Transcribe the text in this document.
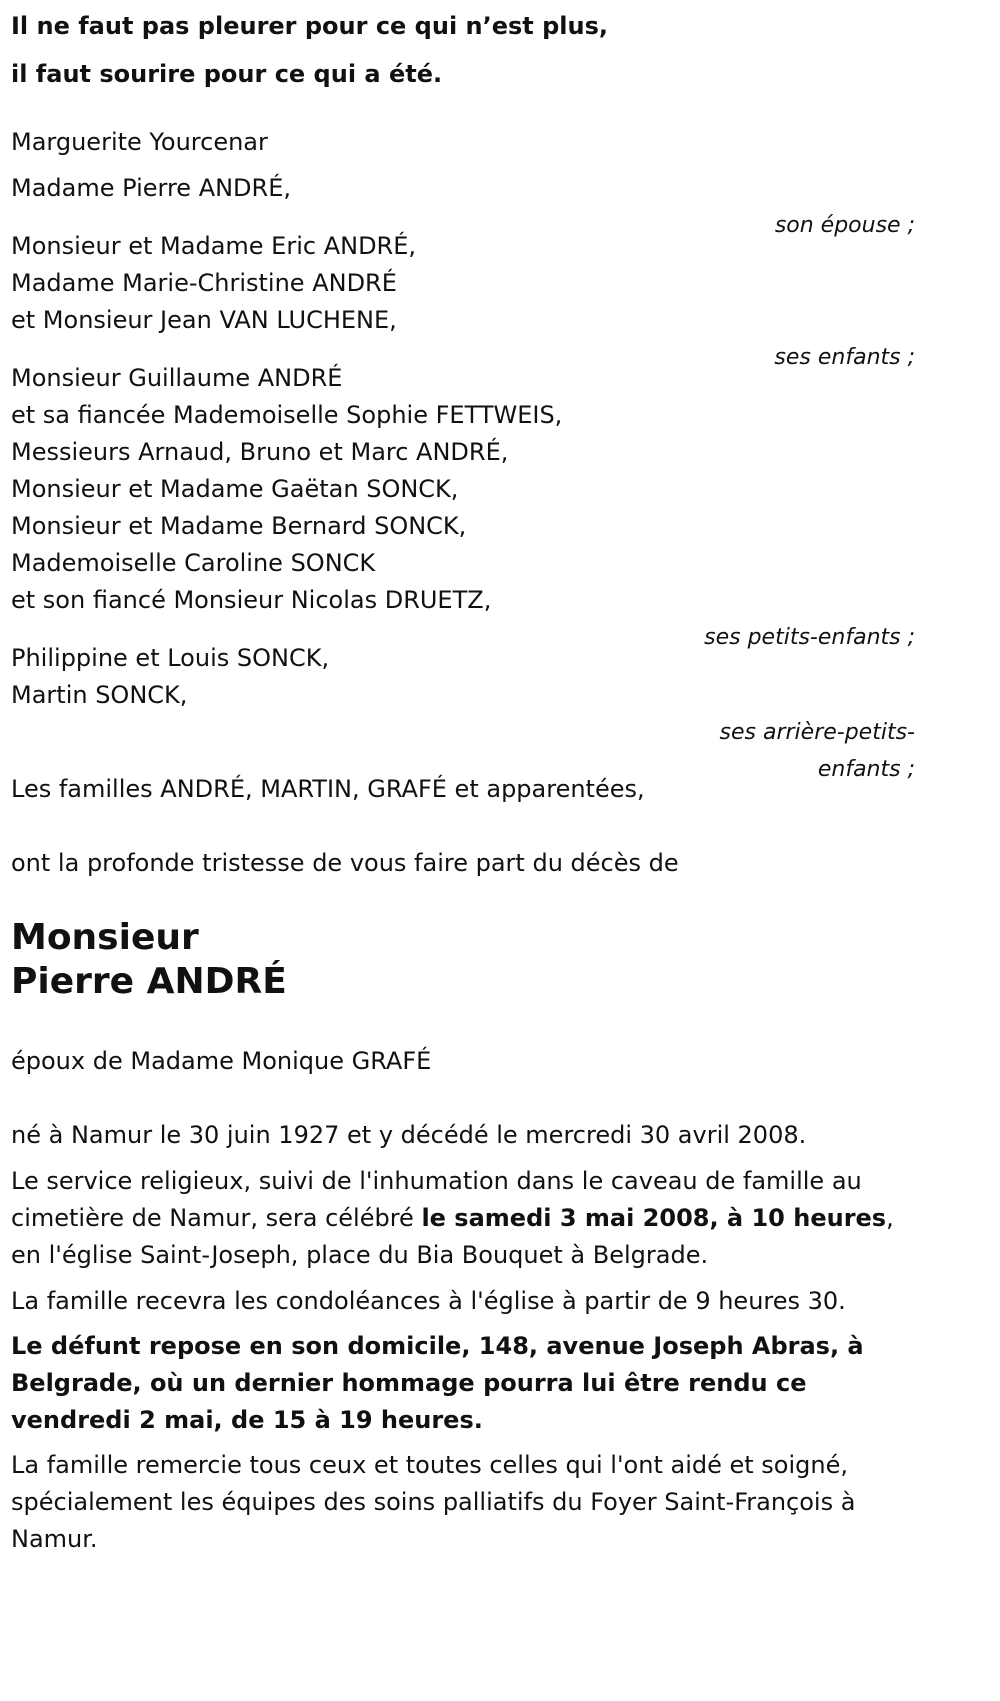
Il ne faut pas pleurer pour ce qui n’est plus,
il faut sourire pour ce qui a été.
Marguerite Yourcenar
Madame Pierre ANDRÉ,
son épouse ;
Monsieur et Madame Eric ANDRÉ,
Madame Marie-Christine ANDRÉ
et Monsieur Jean VAN LUCHENE,
ses enfants ;
Monsieur Guillaume ANDRÉ
et sa fiancée Mademoiselle Sophie FETTWEIS,
Messieurs Arnaud, Bruno et Marc ANDRÉ,
Monsieur et Madame Gaëtan SONCK,
Monsieur et Madame Bernard SONCK,
Mademoiselle Caroline SONCK
et son fiancé Monsieur Nicolas DRUETZ,
ses petits-enfants ;
Philippine et Louis SONCK,
Martin SONCK,
ses arrière-petits-
enfants ;
Les familles ANDRÉ, MARTIN, GRAFÉ et apparentées,
ont la profonde tristesse de vous faire part du décès de
Monsieur
Pierre ANDRÉ
époux de Madame Monique GRAFÉ
né à Namur le 30 juin 1927 et y décédé le mercredi 30 avril 2008.
Le service religieux, suivi de l'inhumation dans le caveau de famille au cimetière de Namur, sera célébré le samedi 3 mai 2008, à 10 heures, en l'église Saint-Joseph, place du Bia Bouquet à Belgrade.
La famille recevra les condoléances à l'église à partir de 9 heures 30.
Le défunt repose en son domicile, 148, avenue Joseph Abras, à Belgrade, où un dernier hommage pourra lui être rendu ce vendredi 2 mai, de 15 à 19 heures.
La famille remercie tous ceux et toutes celles qui l'ont aidé et soigné, spécialement les équipes des soins palliatifs du Foyer Saint-François à Namur.
